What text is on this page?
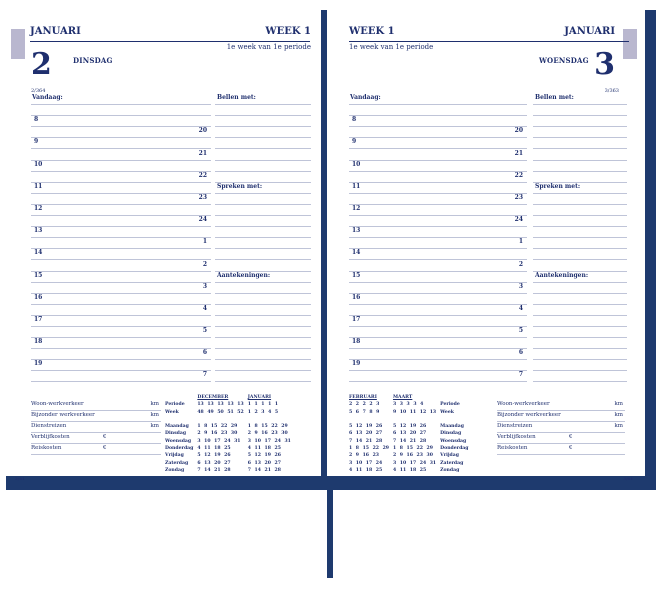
JANUARI	WEEK 1
1e week van 1e periode
2	DINSDAG
2/364
Vandaag:
8
20
9
21
10
22
11
23
12
24
13
1
14
2
15
3
16
4
17
5
18
6
19
7
Bellen met:
Spreken met:
Aantekeningen:
Woon-werkverkeer	km
Bijzonder werkverkeer	km
Dienstreizen	km
Verblijfkosten	€
Reiskosten	€
	DECEMBER	JANUARI
Periode	13 13 13 13 13	1 1 1 1 1
Week	48 49 50 51 52	1 2 3 4 5

Maandag	1 8 15 22 29	1 8 15 22 29
Dinsdag	2 9 16 23 30	2 9 16 23 30
Woensdag	3 10 17 24 31	3 10 17 24 31
Donderdag	4 11 18 25	4 11 18 25
Vrijdag	5 12 19 26	5 12 19 26
Zaterdag	6 13 20 27	6 13 20 27
Zondag	7 14 21 28	7 14 21 28
2/61
WEEK 1	JANUARI
1e week van 1e periode	3
WOENSDAG
3/363
Vandaag:
8
20
9
21
10
22
11
23
12
24
13
1
14
2
15
3
16
4
17
5
18
6
19
7
Bellen met:
Spreken met:
Aantekeningen:
FEBRUARI	MAART	
2 2 2 2 3	3 3 3 3 4	Periode
5 6 7 8 9	9 10 11 12 13	Week

5 12 19 26	5 12 19 26	Maandag
6 13 20 27	6 13 20 27	Dinsdag
7 14 21 28	7 14 21 28	Woensdag
1 8 15 22 29	1 8 15 22 29	Donderdag
2 9 16 23	2 9 16 23 30	Vrijdag
3 10 17 24	3 10 17 24 31	Zaterdag
4 11 18 25	4 11 18 25	Zondag
Woon-werkverkeer	km
Bijzonder werkverkeer	km
Dienstreizen	km
Verblijfkosten	€
Reiskosten	€
3/61
